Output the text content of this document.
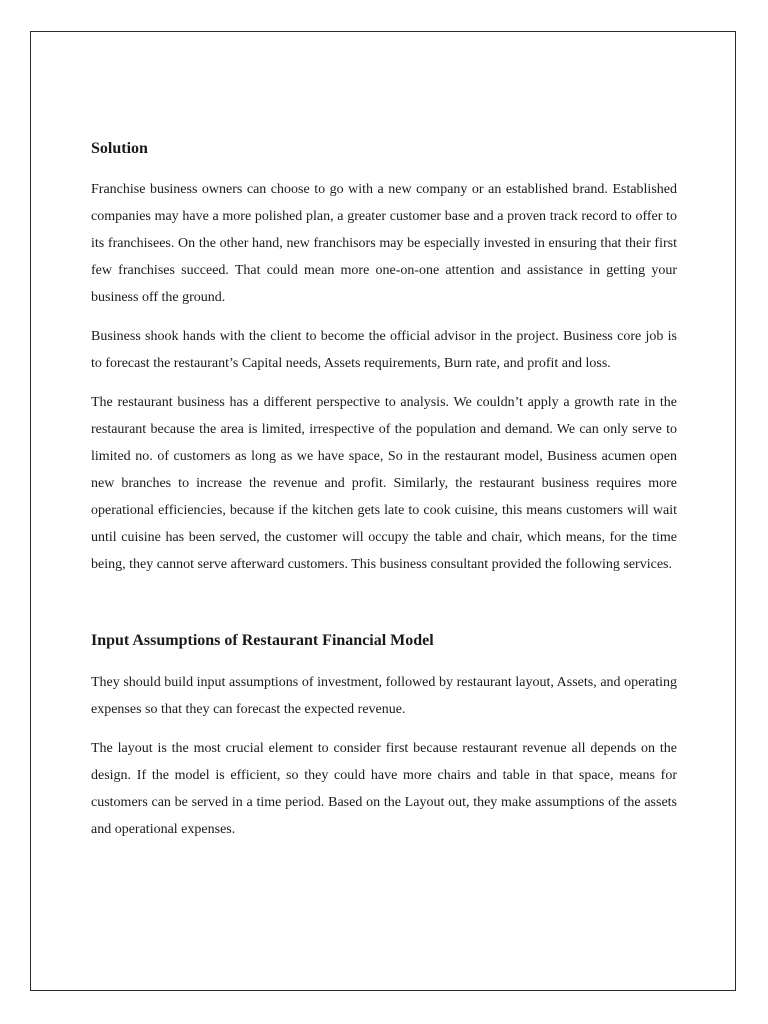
Solution

Franchise business owners can choose to go with a new company or an established brand. Established companies may have a more polished plan, a greater customer base and a proven track record to offer to its franchisees. On the other hand, new franchisors may be especially invested in ensuring that their first few franchises succeed. That could mean more one-on-one attention and assistance in getting your business off the ground.

Business shook hands with the client to become the official advisor in the project. Business core job is to forecast the restaurant’s Capital needs, Assets requirements, Burn rate, and profit and loss.

The restaurant business has a different perspective to analysis. We couldn’t apply a growth rate in the restaurant because the area is limited, irrespective of the population and demand. We can only serve to limited no. of customers as long as we have space, So in the restaurant model, Business acumen open new branches to increase the revenue and profit. Similarly, the restaurant business requires more operational efficiencies, because if the kitchen gets late to cook cuisine, this means customers will wait until cuisine has been served, the customer will occupy the table and chair, which means, for the time being, they cannot serve afterward customers. This business consultant provided the following services.

Input Assumptions of Restaurant Financial Model

They should build input assumptions of investment, followed by restaurant layout, Assets, and operating expenses so that they can forecast the expected revenue.

The layout is the most crucial element to consider first because restaurant revenue all depends on the design. If the model is efficient, so they could have more chairs and table in that space, means for customers can be served in a time period. Based on the Layout out, they make assumptions of the assets and operational expenses.
